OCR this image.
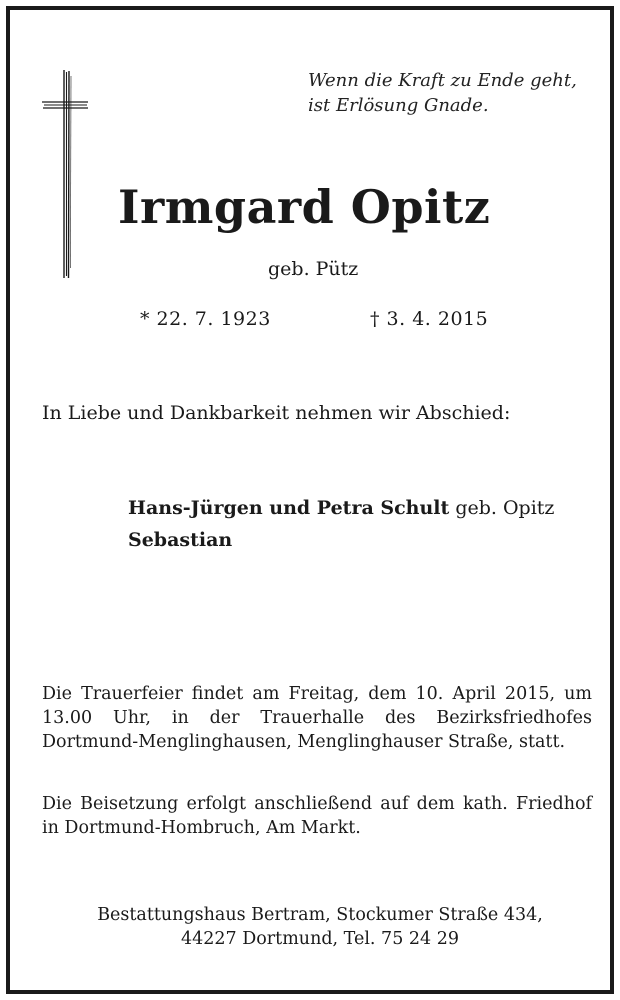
Wenn die Kraft zu Ende geht,
ist Erlösung Gnade.
Irmgard Opitz
geb. Pütz
* 22. 7. 1923	† 3. 4. 2015
In Liebe und Dankbarkeit nehmen wir Abschied:
Hans-Jürgen und Petra Schult geb. Opitz
Sebastian
Die Trauerfeier findet am Freitag, dem 10. April 2015, um 13.00 Uhr, in der Trauerhalle des Bezirksfriedhofes Dortmund-Menglinghausen, Menglinghauser Straße, statt.
Die Beisetzung erfolgt anschließend auf dem kath. Friedhof in Dortmund-Hombruch, Am Markt.
Bestattungshaus Bertram, Stockumer Straße 434,
44227 Dortmund, Tel. 75 24 29
